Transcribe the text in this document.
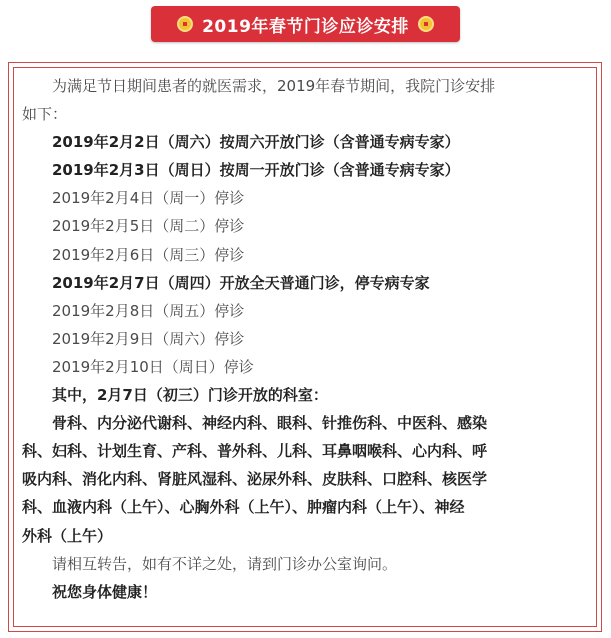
2019年春节门诊应诊安排
为满足节日期间患者的就医需求，2019年春节期间，我院门诊安排
如下：
2019年2月2日（周六）按周六开放门诊（含普通专病专家）
2019年2月3日（周日）按周一开放门诊（含普通专病专家）
2019年2月4日（周一）停诊
2019年2月5日（周二）停诊
2019年2月6日（周三）停诊
2019年2月7日（周四）开放全天普通门诊，停专病专家
2019年2月8日（周五）停诊
2019年2月9日（周六）停诊
2019年2月10日（周日）停诊
其中，2月7日（初三）门诊开放的科室：
骨科、内分泌代谢科、神经内科、眼科、针推伤科、中医科、感染
科、妇科、计划生育、产科、普外科、儿科、耳鼻咽喉科、心内科、呼
吸内科、消化内科、肾脏风湿科、泌尿外科、皮肤科、口腔科、核医学
科、血液内科（上午）、心胸外科（上午）、肿瘤内科（上午）、神经
外科（上午）
请相互转告，如有不详之处，请到门诊办公室询问。
祝您身体健康！
